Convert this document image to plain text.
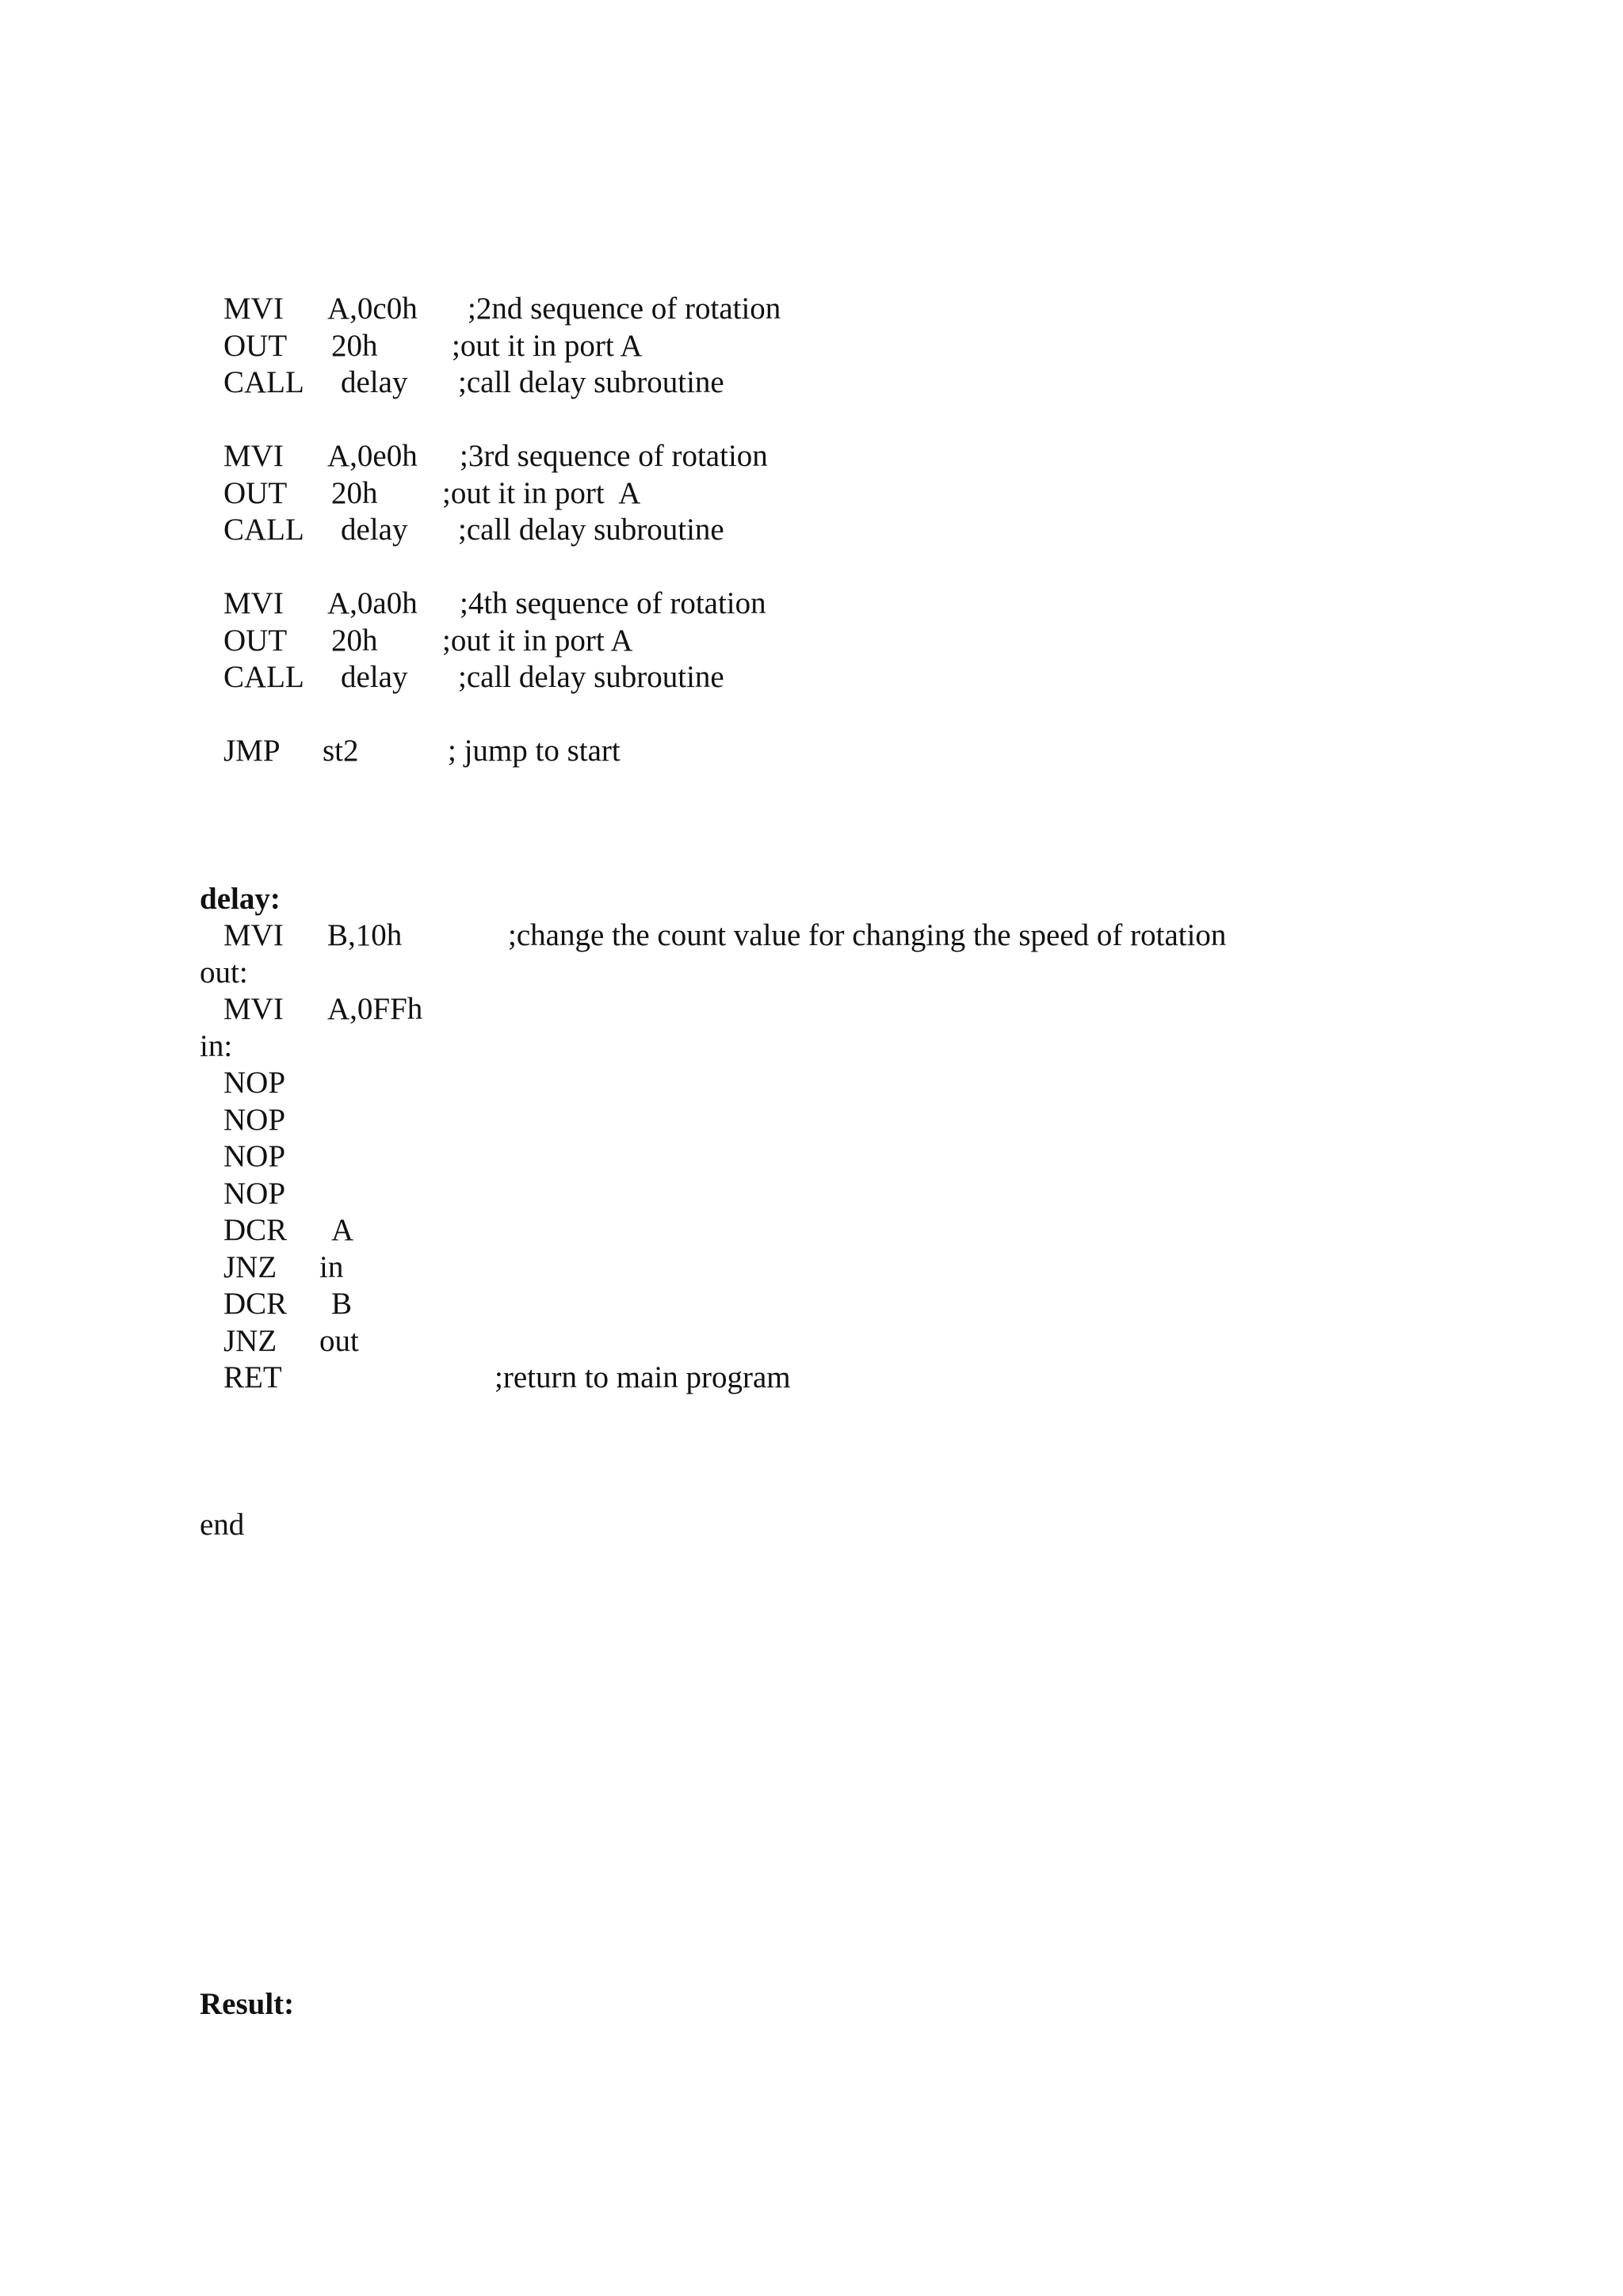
MVI A,0c0h ;2nd sequence of rotation
OUT 20h ;out it in port A
CALL delay ;call delay subroutine
MVI A,0e0h ;3rd sequence of rotation
OUT 20h ;out it in port  A
CALL delay ;call delay subroutine
MVI A,0a0h ;4th sequence of rotation
OUT 20h ;out it in port A
CALL delay ;call delay subroutine
JMP st2	; jump to start
delay:
MVI B,10h	;change the count value for changing the speed of rotation
out:
MVI A,0FFh
in:
NOP
NOP
NOP
NOP
DCR A
JNZ in
DCR B
JNZ out
RET	;return to main program
end
Result:
